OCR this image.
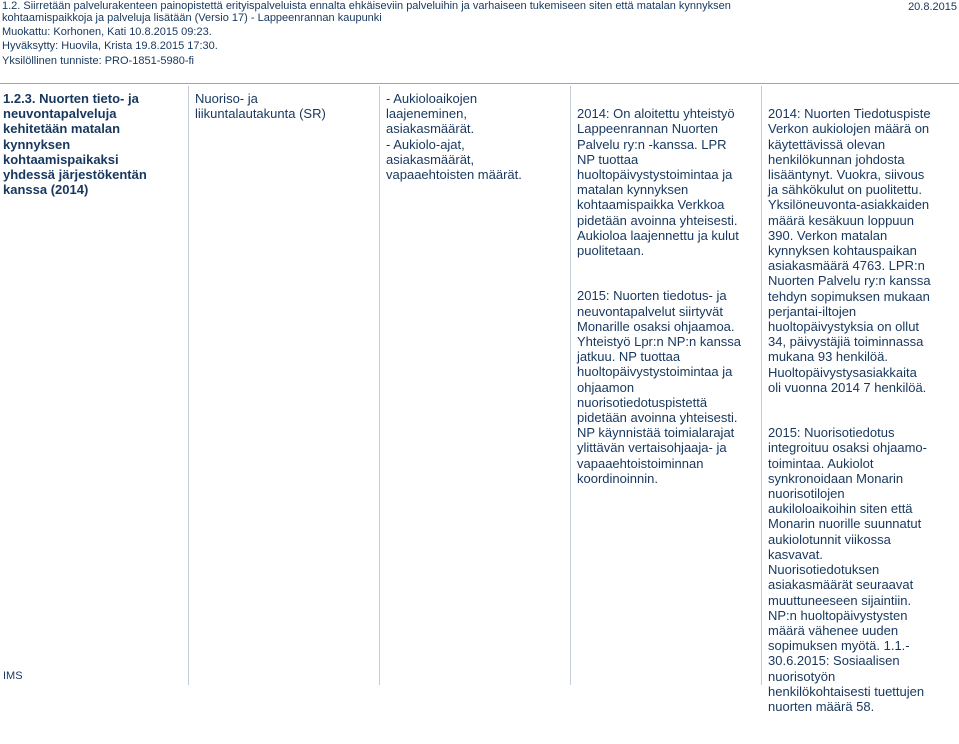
1.2. Siirretään palvelurakenteen painopistettä erityispalveluista ennalta ehkäiseviin palveluihin ja varhaiseen tukemiseen siten että matalan kynnyksen
kohtaamispaikkoja ja palveluja lisätään (Versio 17) - Lappeenrannan kaupunki
20.8.2015
Muokattu: Korhonen, Kati 10.8.2015 09:23.
Hyväksytty: Huovila, Krista 19.8.2015 17:30.
Yksilöllinen tunniste: PRO-1851-5980-fi
1.2.3. Nuorten tieto- ja
neuvontapalveluja
kehitetään matalan
kynnyksen
kohtaamispaikaksi
yhdessä järjestökentän
kanssa (2014)
Nuoriso- ja
liikuntalautakunta (SR)
- Aukioloaikojen
laajeneminen,
asiakasmäärät.
- Aukiolo-ajat,
asiakasmäärät,
vapaaehtoisten määrät.

2014: On aloitettu yhteistyö
Lappeenrannan Nuorten
Palvelu ry:n -kanssa. LPR
NP tuottaa
huoltopäivystystoimintaa ja
matalan kynnyksen
kohtaamispaikka Verkkoa
pidetään avoinna yhteisesti.
Aukioloa laajennettu ja kulut
puolitetaan.

2015: Nuorten tiedotus- ja
neuvontapalvelut siirtyvät
Monarille osaksi ohjaamoa.
Yhteistyö Lpr:n NP:n kanssa
jatkuu. NP tuottaa
huoltopäivystystoimintaa ja
ohjaamon
nuorisotiedotuspistettä
pidetään avoinna yhteisesti.
NP käynnistää toimialarajat
ylittävän vertaisohjaaja- ja
vapaaehtoistoiminnan
koordinoinnin.

2014: Nuorten Tiedotuspiste
Verkon aukiolojen määrä on
käytettävissä olevan
henkilökunnan johdosta
lisääntynyt. Vuokra, siivous
ja sähkökulut on puolitettu.
Yksilöneuvonta-asiakkaiden
määrä kesäkuun loppuun
390. Verkon matalan
kynnyksen kohtauspaikan
asiakasmäärä 4763. LPR:n
Nuorten Palvelu ry:n kanssa
tehdyn sopimuksen mukaan
perjantai-iltojen
huoltopäivystyksia on ollut
34, päivystäjiä toiminnassa
mukana 93 henkilöä.
Huoltopäivystysasiakkaita
oli vuonna 2014 7 henkilöä.

2015: Nuorisotiedotus
integroituu osaksi ohjaamo-
toimintaa. Aukiolot
synkronoidaan Monarin
nuorisotilojen
aukiloloaikoihin siten että
Monarin nuorille suunnatut
aukiolotunnit viikossa
kasvavat.
Nuorisotiedotuksen
asiakasmäärät seuraavat
muuttuneeseen sijaintiin.
NP:n huoltopäivystysten
määrä vähenee uuden
sopimuksen myötä. 1.1.-
30.6.2015: Sosiaalisen
nuorisotyön
henkilökohtaisesti tuettujen
nuorten määrä 58.

IMS
